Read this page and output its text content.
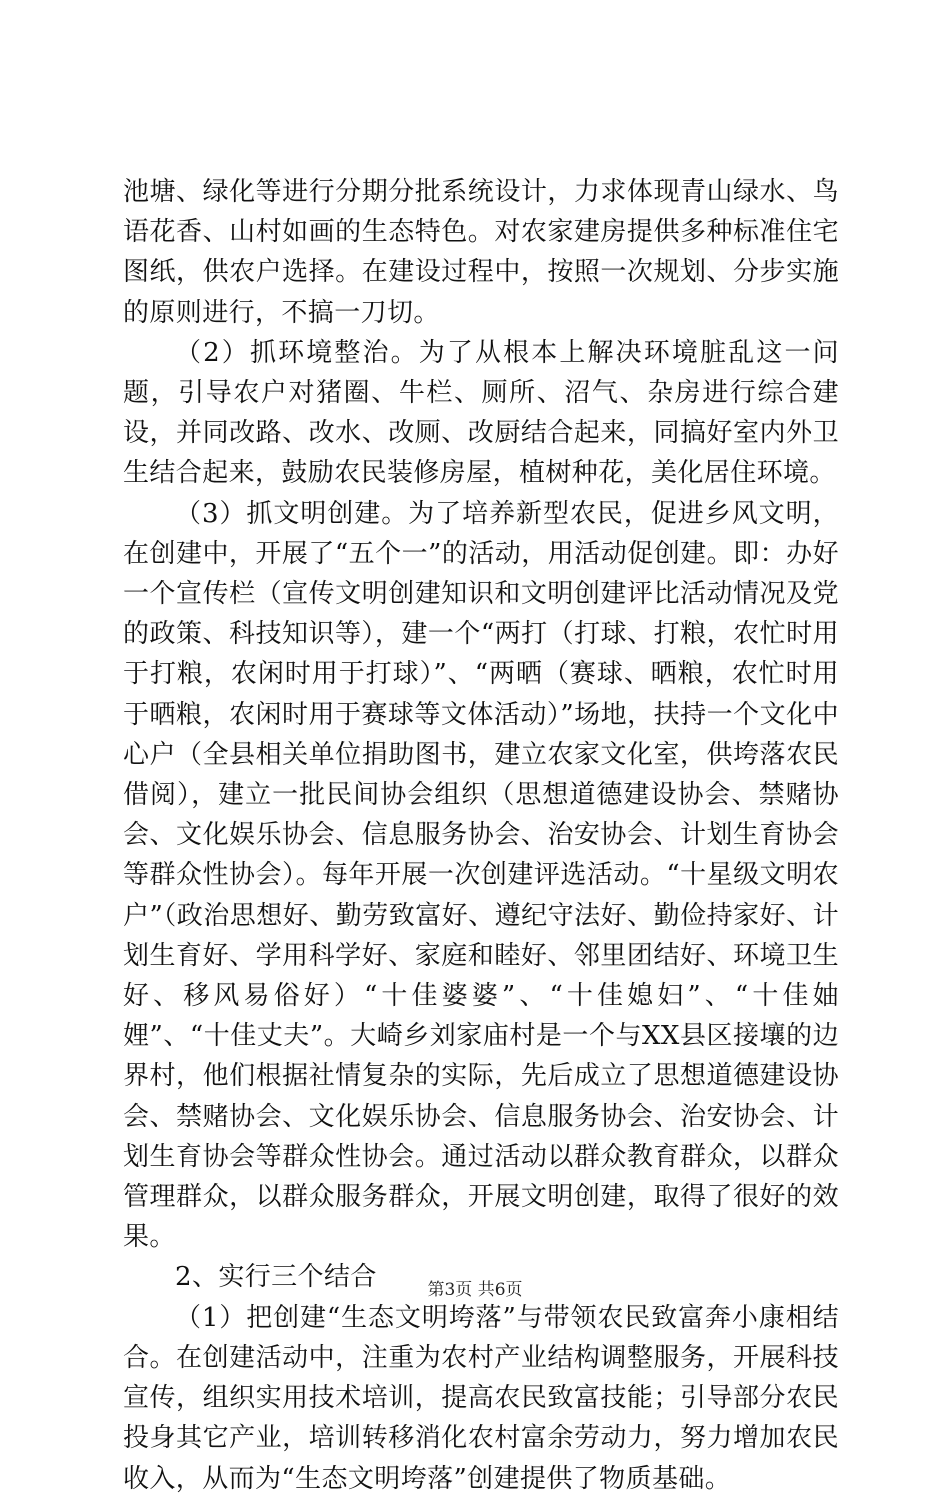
池塘、绿化等进行分期分批系统设计，力求体现青山绿水、鸟语花香、山村如画的生态特色。对农家建房提供多种标准住宅图纸，供农户选择。在建设过程中，按照一次规划、分步实施的原则进行，不搞一刀切。

（2）抓环境整治。为了从根本上解决环境脏乱这一问题，引导农户对猪圈、牛栏、厕所、沼气、杂房进行综合建设，并同改路、改水、改厕、改厨结合起来，同搞好室内外卫生结合起来，鼓励农民装修房屋，植树种花，美化居住环境。

（3）抓文明创建。为了培养新型农民，促进乡风文明，在创建中，开展了“五个一”的活动，用活动促创建。即：办好一个宣传栏（宣传文明创建知识和文明创建评比活动情况及党的政策、科技知识等），建一个“两打（打球、打粮，农忙时用于打粮，农闲时用于打球）”、“两晒（赛球、晒粮，农忙时用于晒粮，农闲时用于赛球等文体活动）”场地，扶持一个文化中心户（全县相关单位捐助图书，建立农家文化室，供垮落农民借阅），建立一批民间协会组织（思想道德建设协会、禁赌协会、文化娱乐协会、信息服务协会、治安协会、计划生育协会等群众性协会）。每年开展一次创建评选活动。“十星级文明农户”（政治思想好、勤劳致富好、遵纪守法好、勤俭持家好、计划生育好、学用科学好、家庭和睦好、邻里团结好、环境卫生好、移风易俗好）“十佳婆婆”、“十佳媳妇”、“十佳妯娌”、“十佳丈夫”。大崎乡刘家庙村是一个与XX县区接壤的边界村，他们根据社情复杂的实际，先后成立了思想道德建设协会、禁赌协会、文化娱乐协会、信息服务协会、治安协会、计划生育协会等群众性协会。通过活动以群众教育群众，以群众管理群众，以群众服务群众，开展文明创建，取得了很好的效果。

2、实行三个结合

（1）把创建“生态文明垮落”与带领农民致富奔小康相结合。在创建活动中，注重为农村产业结构调整服务，开展科技宣传，组织实用技术培训，提高农民致富技能；引导部分农民投身其它产业，培训转移消化农村富余劳动力，努力增加农民收入，从而为“生态文明垮落”创建提供了物质基础。

第3页 共6页
